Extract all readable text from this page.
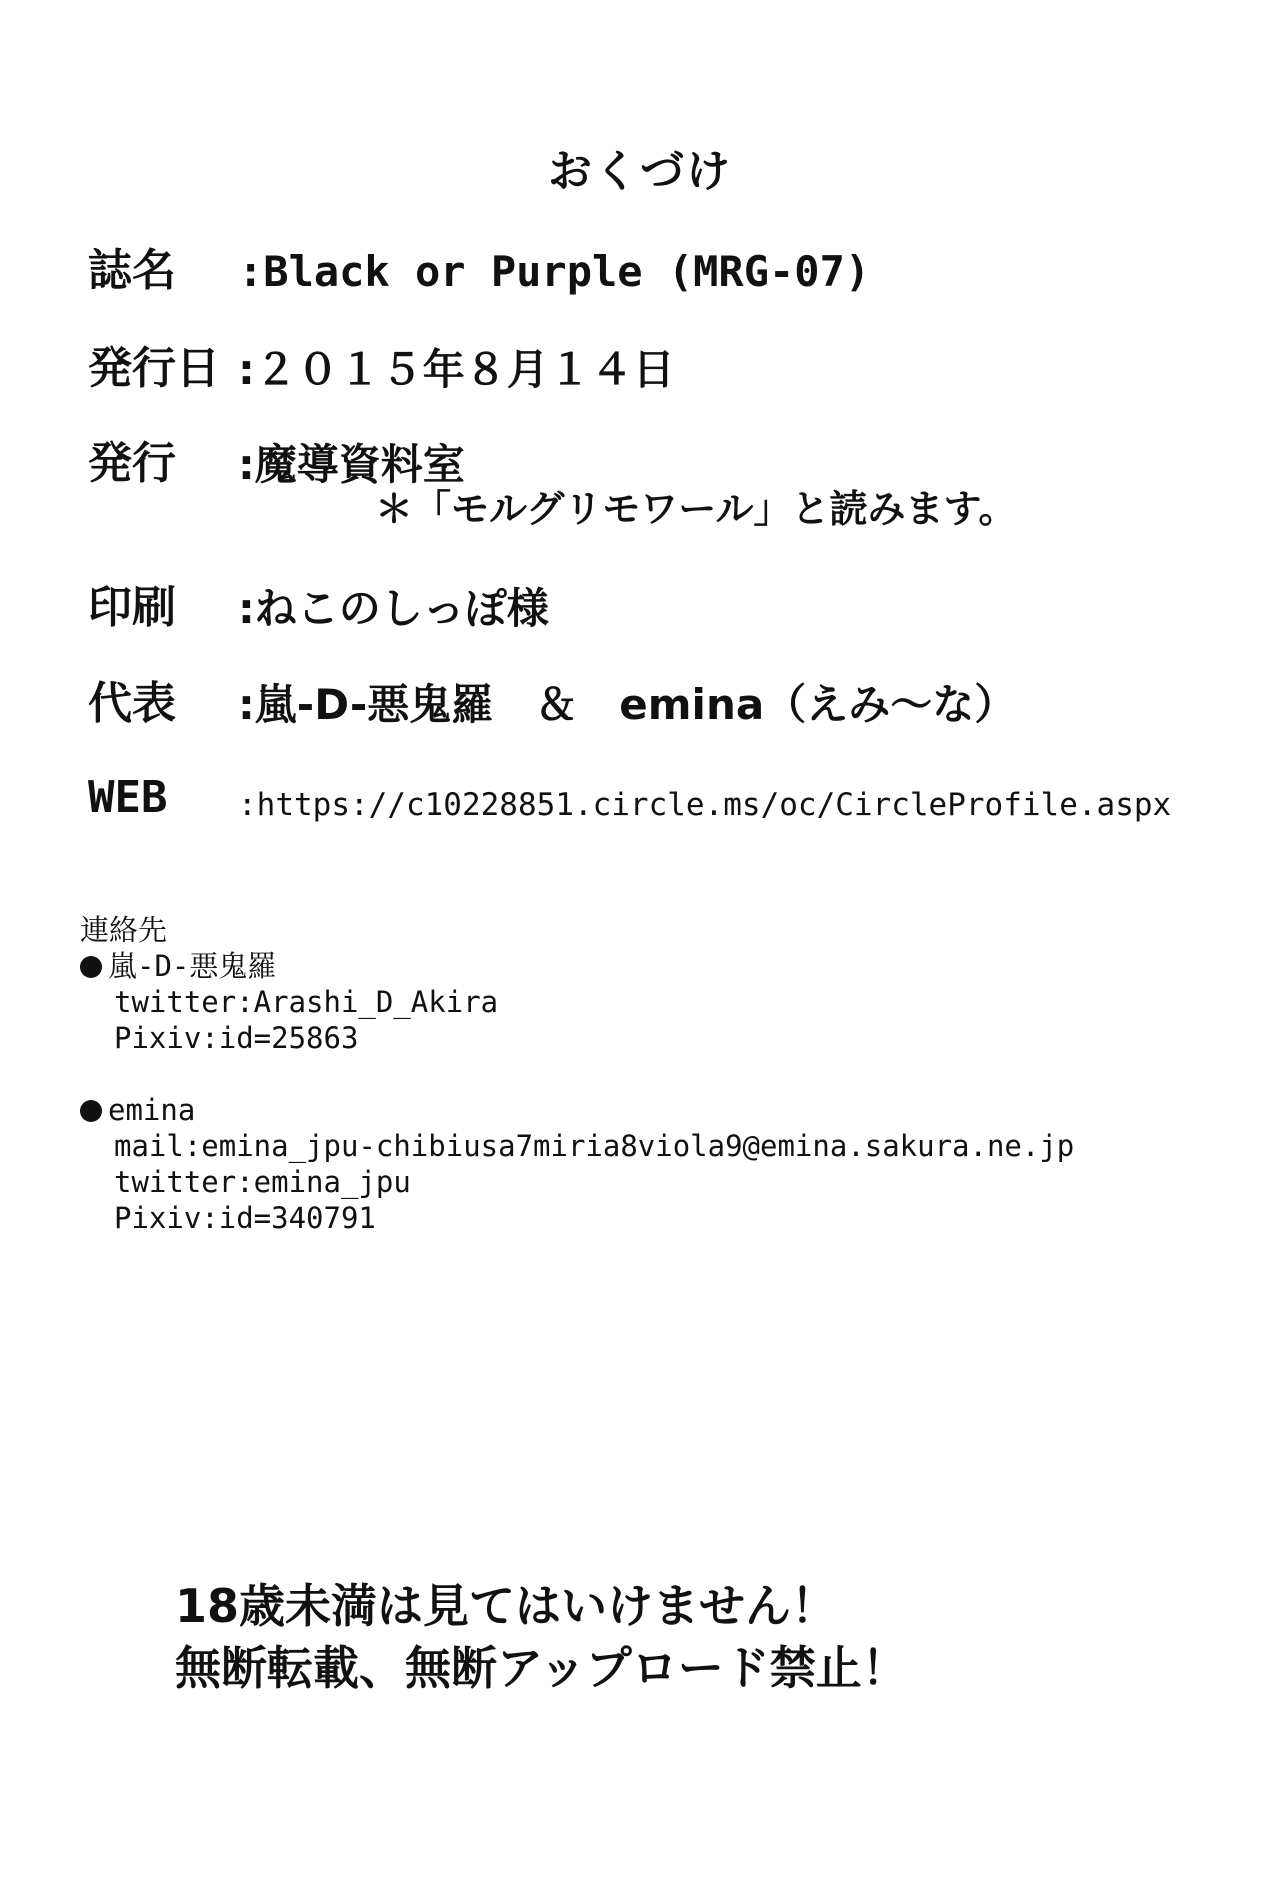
おくづけ
誌名	:Black or Purple (MRG-07)
発行日 :２０１５年８月１４日
発行	:魔導資料室
＊「モルグリモワール」と読みます。
印刷	:ねこのしっぽ様
代表	:嵐-D-悪鬼羅　＆　emina（えみ〜な）
WEB	:https://c10228851.circle.ms/oc/CircleProfile.aspx
連絡先
嵐-D-悪鬼羅
twitter:Arashi_D_Akira
Pixiv:id=25863
emina
mail:emina_jpu-chibiusa7miria8viola9@emina.sakura.ne.jp
twitter:emina_jpu
Pixiv:id=340791
18歳未満は見てはいけません！
無断転載、無断アップロード禁止！
